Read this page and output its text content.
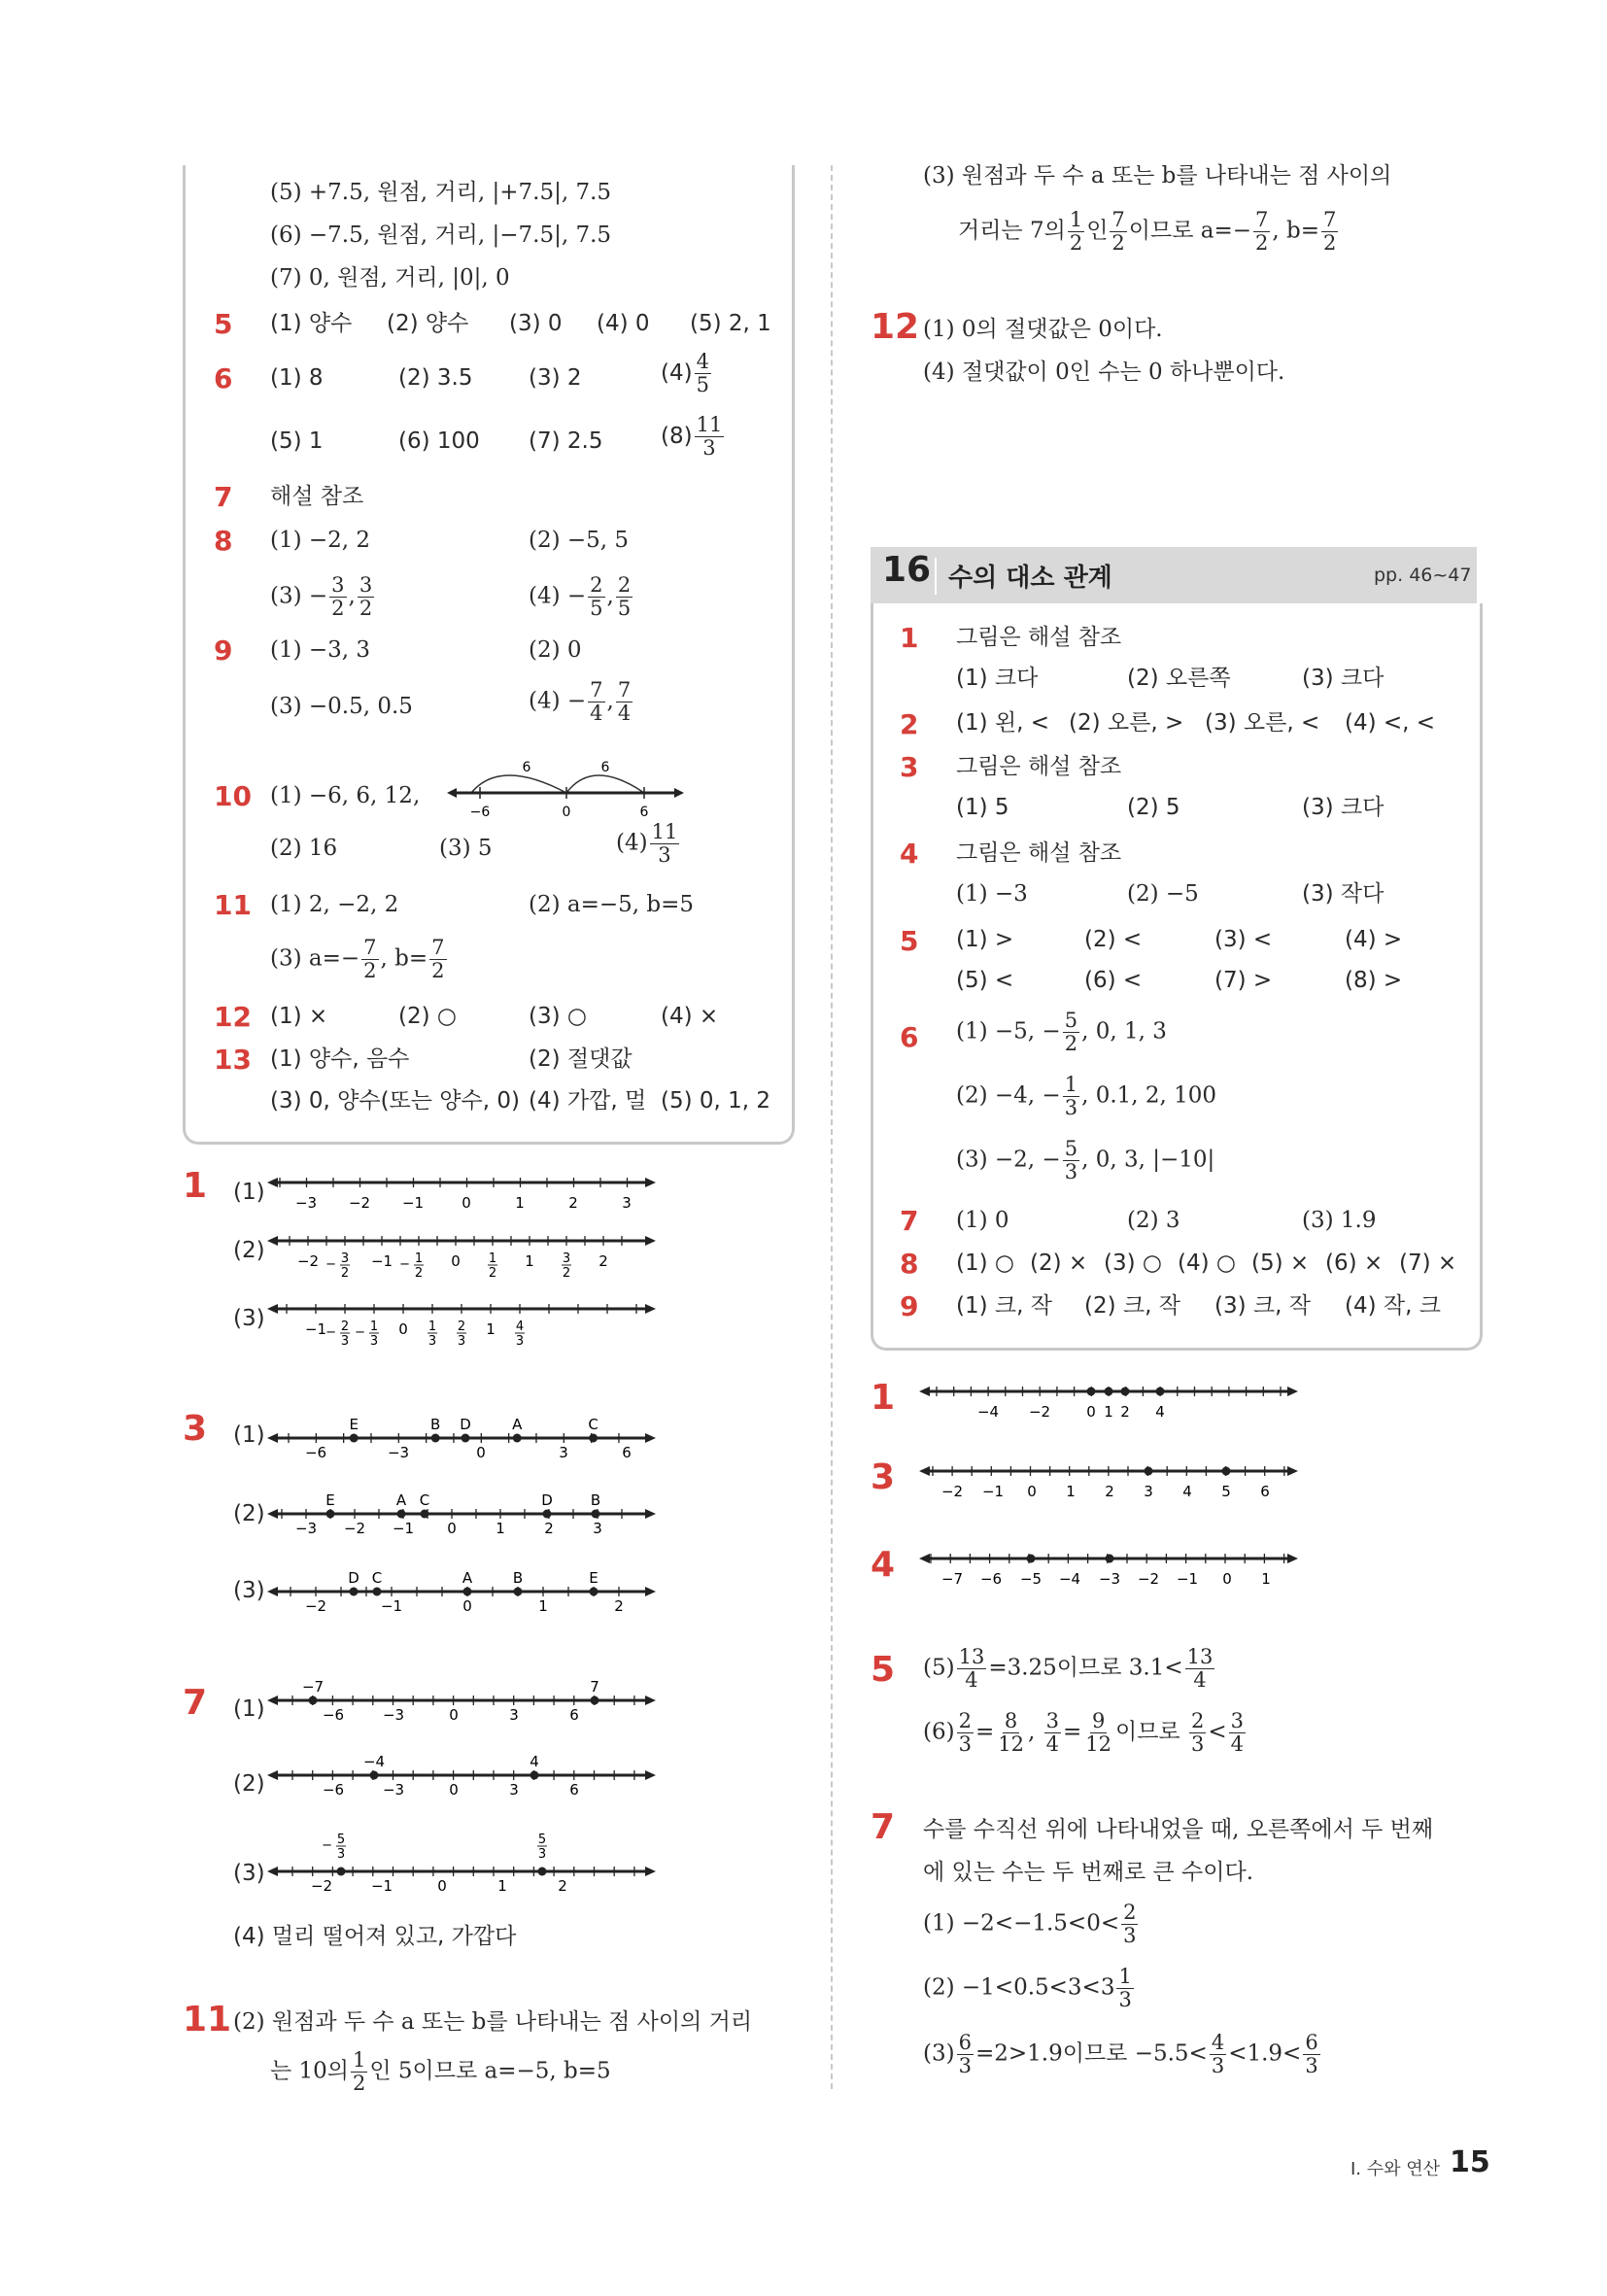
(5) +7.5, 원점, 거리, |+7.5|, 7.5
(6) −7.5, 원점, 거리, |−7.5|, 7.5
(7) 0, 원점, 거리, |0|, 0
5 (1) 양수 (2) 양수 (3) 0 (4) 0 (5) 2, 1
6 (1) 8	(2) 3.5	(3) 2	$(4) \frac{4}{5}$
(5) 1	(6) 100 (7) 2.5	$(8) \frac{11}{3}$
7 해설 참조
8 (1) −2, 2	(2) −5, 5
$(3) - \frac{3}{2}$ , $\frac{3}{2}$	$(4) - \frac{2}{5}$ , $\frac{2}{5}$
9 (1) −3, 3	(2) 0
(3) −0.5, 0.5	$(4) - \frac{7}{4}$ , $\frac{7}{4}$
10 (1) −6, 6, 12,
6	6
−6	0	6
(2) 16	(3) 5	$(4) \frac{11}{3}$
11 (1) 2, −2, 2	(2) a=−5, b=5
(3) $a=- \frac{7}{2}$ , $b= \frac{7}{2}$
12 (1) ×	(2) ○	(3) ○	(4) ×
13 (1) 양수, 음수	(2) 절댓값
(3) 0, 양수(또는 양수, 0) (4) 가깝, 멀 (5) 0, 1, 2
1 (1)
(2)
(3)
−3 −2 −1	0	1	2	3
−2	−1	0	1	2
− 3
2
− 1
2
1
2
3
2
−1	0	1
− 2
3
− 1
3
1
3
2
3
4
3
3 (1)
(2)
(3)
−6	−3	0	3	6
E	B D	A	C
−3 −2 −1 0	1	2	3
E	A C	D	B
−2	−1	0	1	2
D C	A	B	E
7 (1)
(2)
(3)
−6	−3	0	3	6
−7	7
−6	−3	0	3	6
−4	4
−2	−1	0	1	2
− 5
3
5
3
(4) 멀리 떨어져 있고, 가깝다
11 (2) 원점과 두 수 a 또는 b를 나타내는 점 사이의 거리
는 10의 $\frac{1}{2}$ 인 5이므로 a=−5, b=5
(3) 원점과 두 수 a 또는 b를 나타내는 점 사이의
거리는 7의 $\frac{1}{2}$ 인 $\frac{7}{2}$ 이므로 $a=- \frac{7}{2}$ , $b= \frac{7}{2}$
12 (1) 0의 절댓값은 0이다.
(4) 절댓값이 0인 수는 0 하나뿐이다.
16 수의 대소 관계	pp. 46~47
1 그림은 해설 참조
(1) 크다	(2) 오른쪽	(3) 크다
2 (1) 왼, < (2) 오른, > (3) 오른, < (4) <, <
3 그림은 해설 참조
(1) 5	(2) 5	(3) 크다
4 그림은 해설 참조
(1) −3	(2) −5	(3) 작다
5 (1) >	(2) <	(3) <	(4) >
(5) <	(6) <	(7) >	(8) >
6 (1) −5, − $\frac{5}{2}$ , 0, 1, 3
(2) −4, − $\frac{1}{3}$ , 0.1, 2, 100
(3) −2, − $\frac{5}{3}$ , 0, 3, |−10|
7 (1) 0	(2) 3	(3) 1.9
8 (1) ○ (2) × (3) ○ (4) ○ (5) × (6) × (7) ×
9 (1) 크, 작 (2) 크, 작 (3) 크, 작 (4) 작, 크
1	−4 −2 0 1 2 4
3	−2 −1 0 1 2 3 4 5 6
4	−7 −6 −5 −4 −3 −2 −1 0 1
5 $(5) \frac{13}{4} =3.25$이므로 $3.1< \frac{13}{4}$
$(6) \frac{2}{3} = \frac{8}{12}$ , $\frac{3}{4} = \frac{9}{12}$ 이므로 $\frac{2}{3} < \frac{3}{4}$
7 수를 수직선 위에 나타내었을 때, 오른쪽에서 두 번째
에 있는 수는 두 번째로 큰 수이다.
$(1) -2<-1.5<0< \frac{2}{3}$
$(2) -1<0.5<3<3 \frac{1}{3}$
$(3) \frac{6}{3} =2>1.9$이므로 $-5.5< \frac{4}{3} <1.9< \frac{6}{3}$
I. 수와 연산 15
